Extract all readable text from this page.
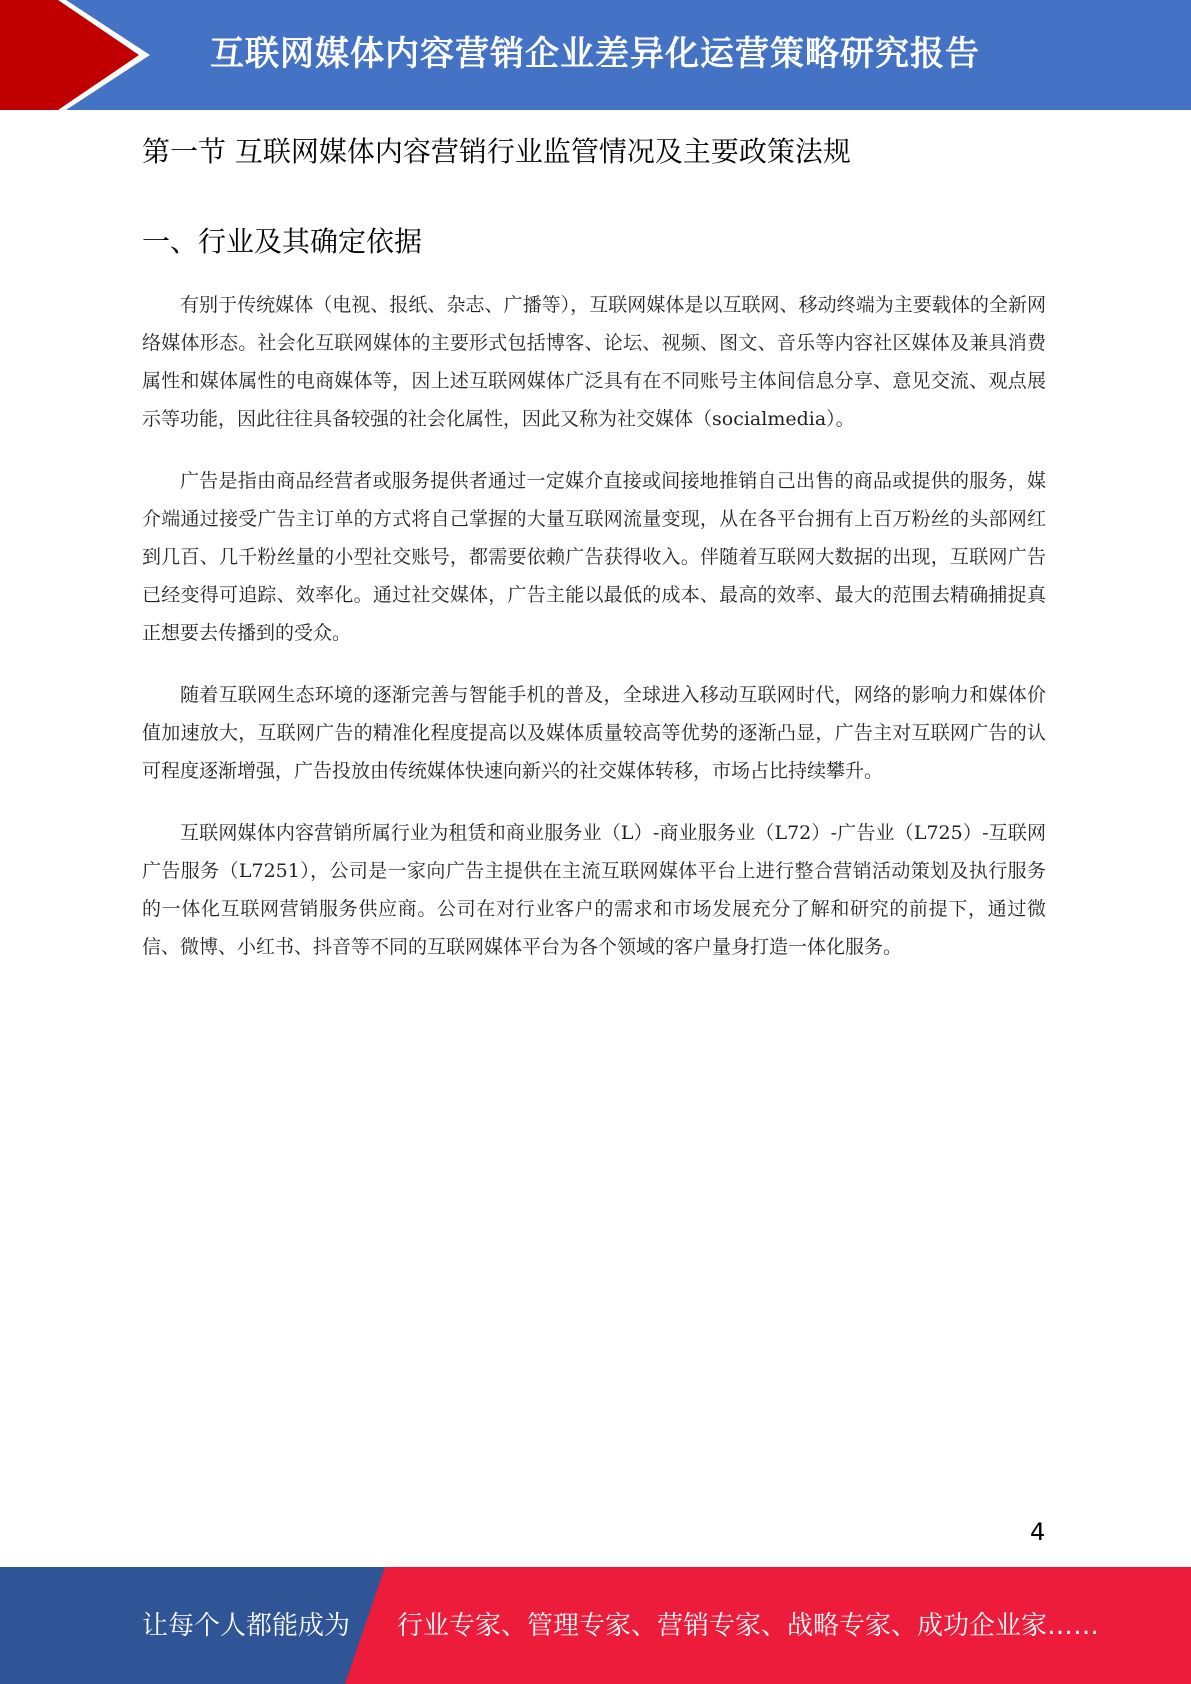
互联网媒体内容营销企业差异化运营策略研究报告
第一节 互联网媒体内容营销行业监管情况及主要政策法规
一、行业及其确定依据

有别于传统媒体（电视、报纸、杂志、广播等），互联网媒体是以互联网、移动终端为主要载体的全新网络媒体形态。社会化互联网媒体的主要形式包括博客、论坛、视频、图文、音乐等内容社区媒体及兼具消费属性和媒体属性的电商媒体等，因上述互联网媒体广泛具有在不同账号主体间信息分享、意见交流、观点展示等功能，因此往往具备较强的社会化属性，因此又称为社交媒体（socialmedia）。

广告是指由商品经营者或服务提供者通过一定媒介直接或间接地推销自己出售的商品或提供的服务，媒介端通过接受广告主订单的方式将自己掌握的大量互联网流量变现，从在各平台拥有上百万粉丝的头部网红到几百、几千粉丝量的小型社交账号，都需要依赖广告获得收入。伴随着互联网大数据的出现，互联网广告已经变得可追踪、效率化。通过社交媒体，广告主能以最低的成本、最高的效率、最大的范围去精确捕捉真正想要去传播到的受众。

随着互联网生态环境的逐渐完善与智能手机的普及，全球进入移动互联网时代，网络的影响力和媒体价值加速放大，互联网广告的精准化程度提高以及媒体质量较高等优势的逐渐凸显，广告主对互联网广告的认可程度逐渐增强，广告投放由传统媒体快速向新兴的社交媒体转移，市场占比持续攀升。

互联网媒体内容营销所属行业为租赁和商业服务业（L）-商业服务业（L72）-广告业（L725）-互联网广告服务（L7251），公司是一家向广告主提供在主流互联网媒体平台上进行整合营销活动策划及执行服务的一体化互联网营销服务供应商。公司在对行业客户的需求和市场发展充分了解和研究的前提下，通过微信、微博、小红书、抖音等不同的互联网媒体平台为各个领域的客户量身打造一体化服务。

4
让每个人都能成为 行业专家、管理专家、营销专家、战略专家、成功企业家……
